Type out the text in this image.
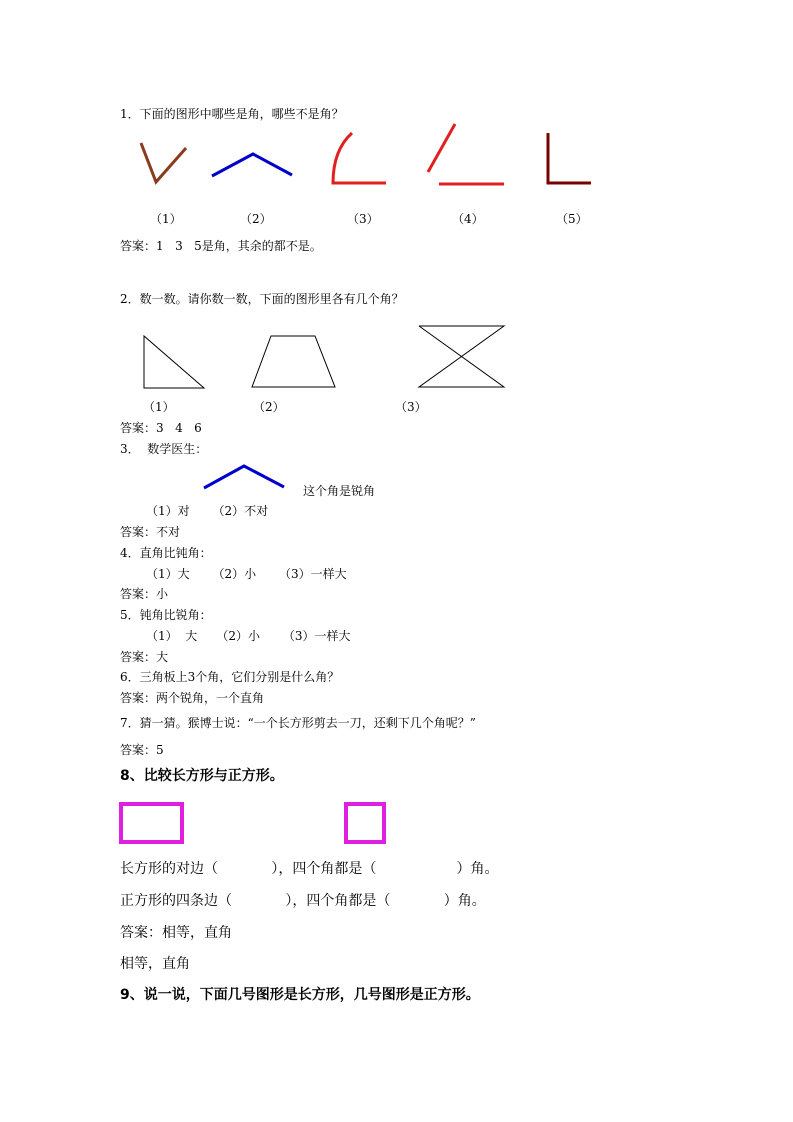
1．下面的图形中哪些是角，哪些不是角？
（1）	（2）	（3）	（4）	（5）
答案：1   3   5是角，其余的都不是。
2．数一数。请你数一数，下面的图形里各有几个角？
（1）	（2）	（3）
答案：3   4   6
3．  数学医生：
这个角是锐角
（1）对      （2）不对
答案：不对
4．直角比钝角：
（1）大      （2）小      （3）一样大
答案：小
5．钝角比锐角：
（1）  大     （2）小      （3）一样大
答案：大
6．三角板上3个角，它们分别是什么角？
答案：两个锐角，一个直角
7．猜一猜。猴博士说：“一个长方形剪去一刀，还剩下几个角呢？”
答案：5
8、比较长方形与正方形。
长方形的对边（            ），四个角都是（                  ）角。
正方形的四条边（            ），四个角都是（            ）角。
答案：相等，直角
相等，直角
9、说一说，下面几号图形是长方形，几号图形是正方形。
